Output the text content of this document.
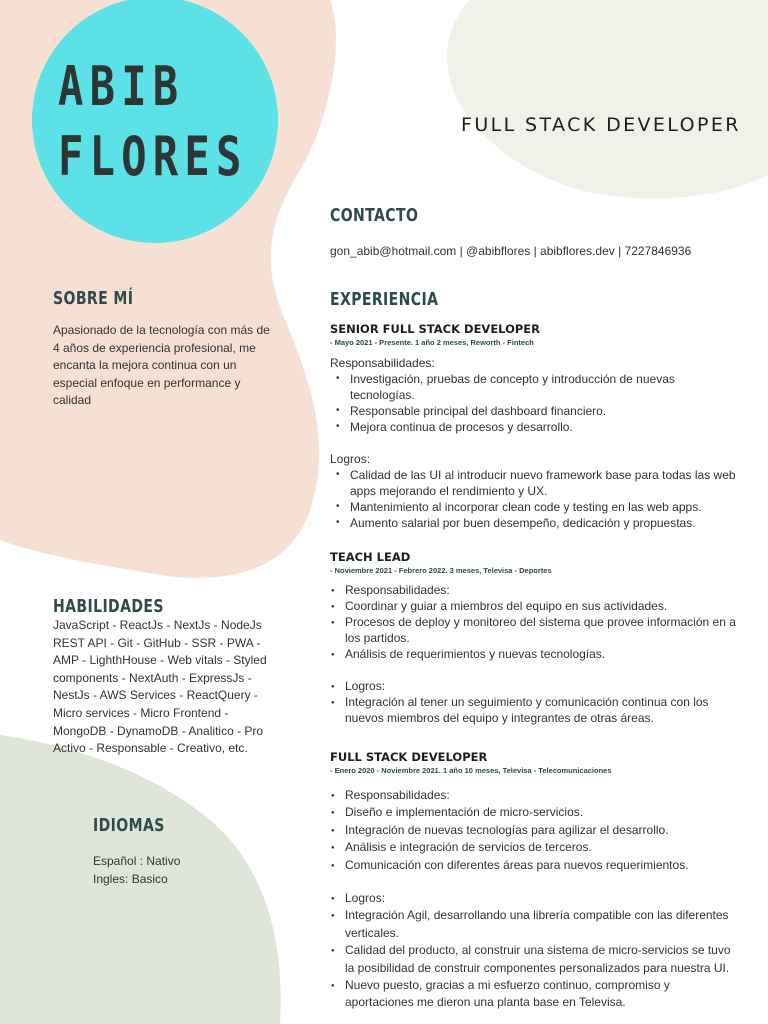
ABIB
FLORES	FULL STACK DEVELOPER
SOBRE MÍ
Apasionado de la tecnología con más de 4 años de experiencia profesional, me encanta la mejora continua con un especial enfoque en performance y calidad
HABILIDADES
JavaScript - ReactJs - NextJs - NodeJs REST API - Git - GitHub - SSR - PWA - AMP - LighthHouse - Web vitals - Styled components - NextAuth - ExpressJs - NestJs - AWS Services - ReactQuery - Micro services - Micro Frontend - MongoDB - DynamoDB - Analitico - Pro Activo - Responsable - Creativo, etc.
IDIOMAS
Español : Nativo
Ingles: Basico
CONTACTO
gon_abib@hotmail.com | @abibflores | abibflores.dev | 7227846936
EXPERIENCIA
SENIOR FULL STACK DEVELOPER
- Mayo 2021 - Presente. 1 año 2 meses, Reworth - Fintech
Responsabilidades:
• Investigación, pruebas de concepto y introducción de nuevas tecnologías.
• Responsable principal del dashboard financiero.
• Mejora continua de procesos y desarrollo.
Logros:
• Calidad de las UI al introducir nuevo framework base para todas las web apps mejorando el rendimiento y UX.
• Mantenimiento al incorporar clean code y testing en las web apps.
• Aumento salarial por buen desempeño, dedicación y propuestas.
TEACH LEAD
- Noviembre 2021 - Febrero 2022. 3 meses, Televisa - Deportes
● Responsabilidades:
● Coordinar y guiar a miembros del equipo en sus actividades.
● Procesos de deploy y monitoreo del sistema que provee información en a los partidos.
● Análisis de requerimientos y nuevas tecnologías.
● Logros:
● Integración al tener un seguimiento y comunicación continua con los nuevos miembros del equipo y integrantes de otras áreas.
FULL STACK DEVELOPER
- Enero 2020 - Noviembre 2021. 1 año 10 meses, Televisa - Telecomunicaciones
● Responsabilidades:
● Diseño e implementación de micro-servicios.
● Integración de nuevas tecnologías para agilizar el desarrollo.
● Análisis e integración de servicios de terceros.
● Comunicación con diferentes áreas para nuevos requerimientos.
● Logros:
● Integración Agil, desarrollando una librería compatible con las diferentes verticales.
● Calidad del producto, al construir una sistema de micro-servicios se tuvo la posibilidad de construir componentes personalizados para nuestra UI.
● Nuevo puesto, gracias a mi esfuerzo continuo, compromiso y aportaciones me dieron una planta base en Televisa.
